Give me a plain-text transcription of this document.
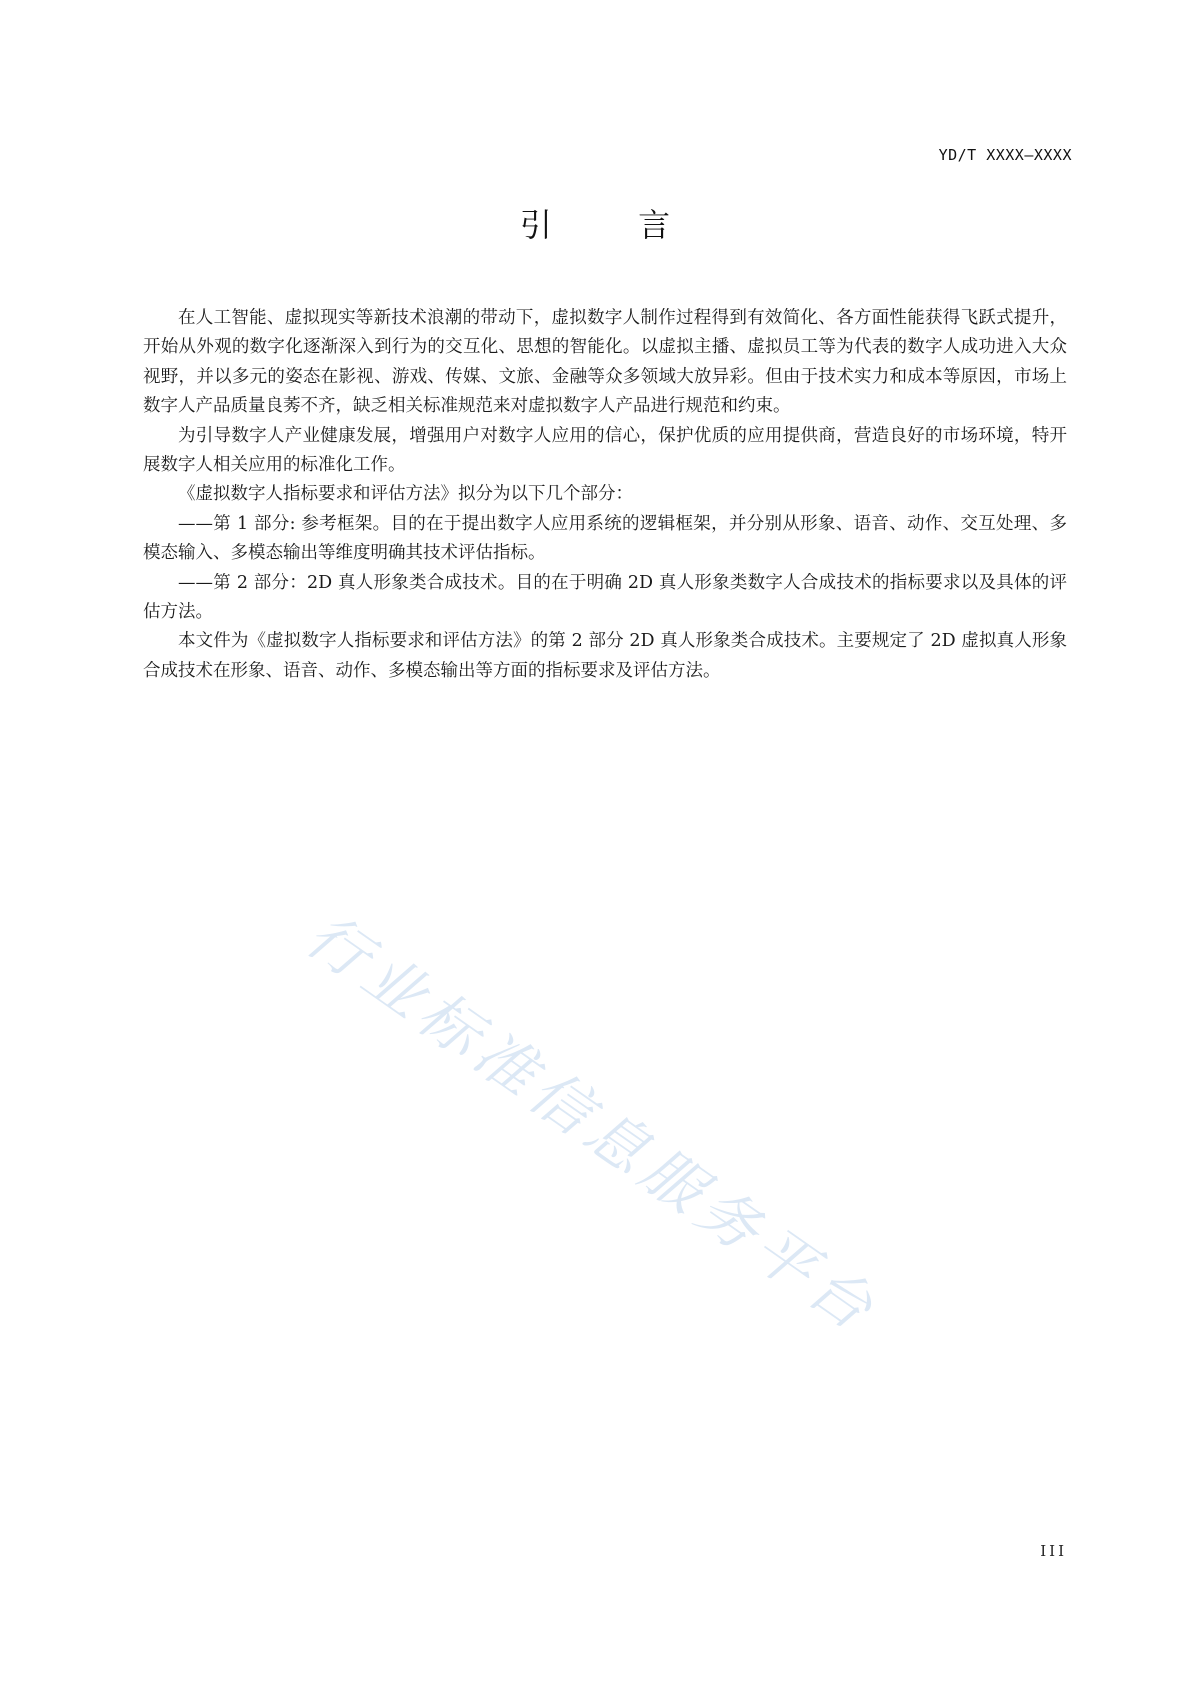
YD/T XXXX—XXXX
引 言

在人工智能、虚拟现实等新技术浪潮的带动下，虚拟数字人制作过程得到有效简化、各方面性能获得飞跃式提升，开始从外观的数字化逐渐深入到行为的交互化、思想的智能化。以虚拟主播、虚拟员工等为代表的数字人成功进入大众视野，并以多元的姿态在影视、游戏、传媒、文旅、金融等众多领域大放异彩。但由于技术实力和成本等原因，市场上数字人产品质量良莠不齐，缺乏相关标准规范来对虚拟数字人产品进行规范和约束。

为引导数字人产业健康发展，增强用户对数字人应用的信心，保护优质的应用提供商，营造良好的市场环境，特开展数字人相关应用的标准化工作。

《虚拟数字人指标要求和评估方法》拟分为以下几个部分：

——第 1 部分: 参考框架。目的在于提出数字人应用系统的逻辑框架，并分别从形象、语音、动作、交互处理、多模态输入、多模态输出等维度明确其技术评估指标。

——第 2 部分：2D 真人形象类合成技术。目的在于明确 2D 真人形象类数字人合成技术的指标要求以及具体的评估方法。

本文件为《虚拟数字人指标要求和评估方法》的第 2 部分 2D 真人形象类合成技术。主要规定了 2D 虚拟真人形象合成技术在形象、语音、动作、多模态输出等方面的指标要求及评估方法。

行业标准信息服务平台
III
